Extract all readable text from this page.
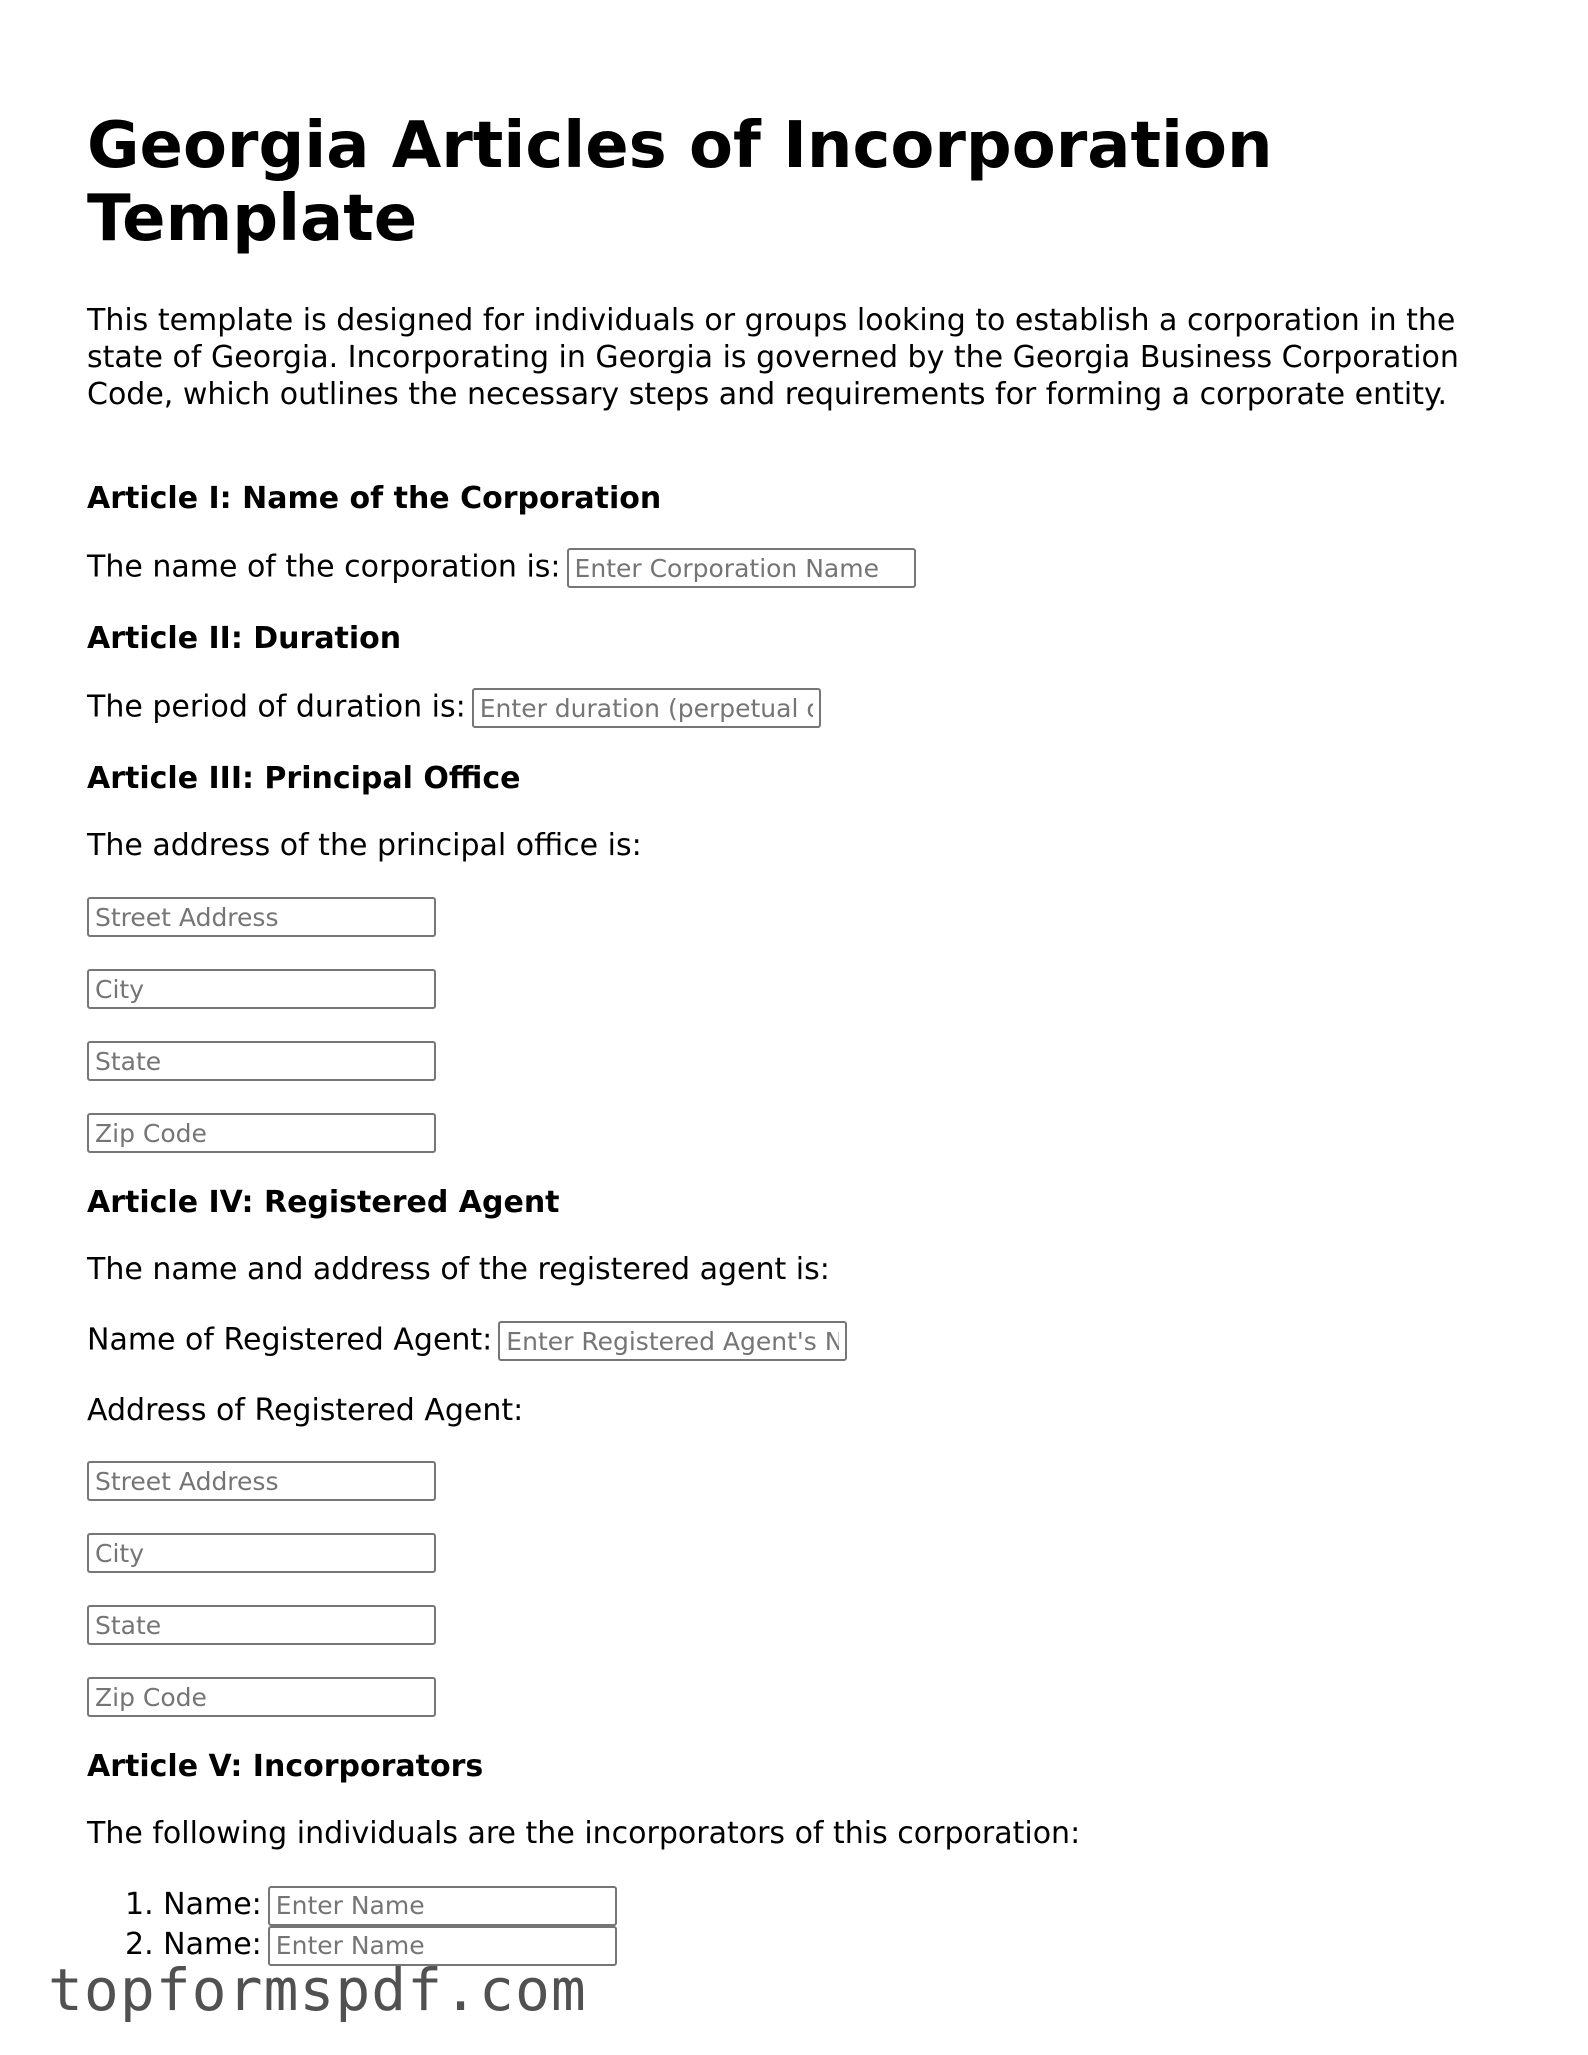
Georgia Articles of Incorporation Template

This template is designed for individuals or groups looking to establish a corporation in the state of Georgia. Incorporating in Georgia is governed by the Georgia Business Corporation Code, which outlines the necessary steps and requirements for forming a corporate entity.

Article I: Name of the Corporation

The name of the corporation is:Enter Corporation Name

Article II: Duration

The period of duration is:Enter duration (perpetual or specific term)

Article III: Principal Office

The address of the principal office is:

Street Address
City
State
Zip Code
Article IV: Registered Agent

The name and address of the registered agent is:

Name of Registered Agent:Enter Registered Agent's Name

Address of Registered Agent:

Street Address
City
State
Zip Code
Article V: Incorporators

The following individuals are the incorporators of this corporation:

1. Name:Enter Name
2. Name:Enter Name
topformspdf.com
